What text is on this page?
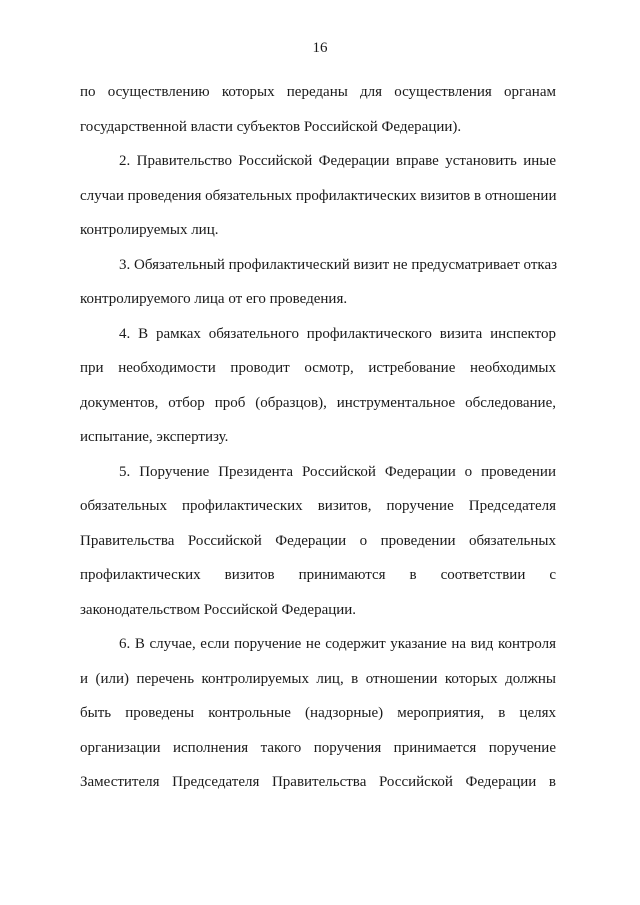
16
по осуществлению которых переданы для осуществления органам
государственной власти субъектов Российской Федерации).
2. Правительство Российской Федерации вправе установить иные
случаи проведения обязательных профилактических визитов в отношении
контролируемых лиц.
3. Обязательный профилактический визит не предусматривает отказ
контролируемого лица от его проведения.
4. В рамках обязательного профилактического визита инспектор
при необходимости проводит осмотр, истребование необходимых
документов, отбор проб (образцов), инструментальное обследование,
испытание, экспертизу.
5. Поручение Президента Российской Федерации о проведении
обязательных профилактических визитов, поручение Председателя
Правительства Российской Федерации о проведении обязательных
профилактических визитов принимаются в соответствии с
законодательством Российской Федерации.
6. В случае, если поручение не содержит указание на вид контроля
и (или) перечень контролируемых лиц, в отношении которых должны
быть проведены контрольные (надзорные) мероприятия, в целях
организации исполнения такого поручения принимается поручение
Заместителя Председателя Правительства Российской Федерации в
